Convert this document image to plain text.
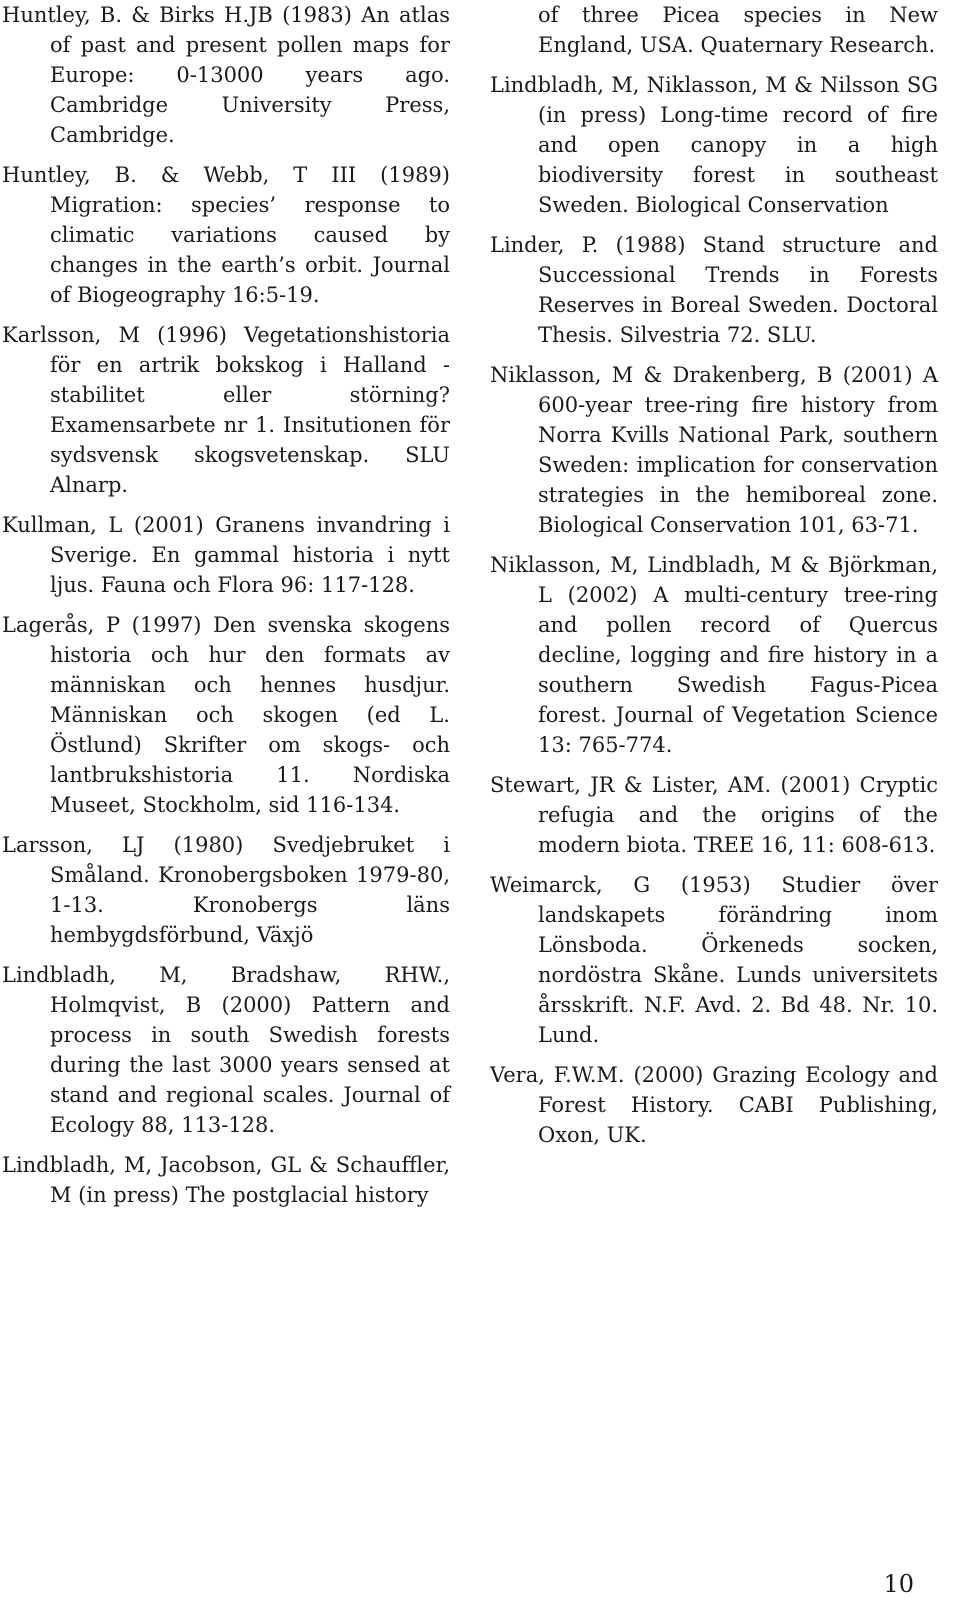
Huntley, B. & Birks H.JB (1983) An atlas of past and present pollen maps for Europe: 0-13000 years ago. Cambridge University Press, Cambridge.

Huntley, B. & Webb, T III (1989) Migration: species’ response to climatic variations caused by changes in the earth’s orbit. Journal of Biogeography 16:5-19.

Karlsson, M (1996) Vegetationshistoria för en artrik bokskog i Halland - stabilitet eller störning? Examensarbete nr 1. Insitutionen för sydsvensk skogsvetenskap. SLU Alnarp.

Kullman, L (2001) Granens invandring i Sverige. En gammal historia i nytt ljus. Fauna och Flora 96: 117-128.

Lagerås, P (1997) Den svenska skogens historia och hur den formats av människan och hennes husdjur. Människan och skogen (ed L. Östlund) Skrifter om skogs- och lantbrukshistoria 11. Nordiska Museet, Stockholm, sid 116-134.

Larsson, LJ (1980) Svedjebruket i Småland. Kronobergsboken 1979-80, 1-13. Kronobergs läns hembygdsförbund, Växjö

Lindbladh, M, Bradshaw, RHW., Holmqvist, B (2000) Pattern and process in south Swedish forests during the last 3000 years sensed at stand and regional scales. Journal of Ecology 88, 113-128.

Lindbladh, M, Jacobson, GL & Schauffler, M (in press) The postglacial history

of three Picea species in New England, USA. Quaternary Research.

Lindbladh, M, Niklasson, M & Nilsson SG (in press) Long-time record of fire and open canopy in a high biodiversity forest in southeast Sweden. Biological Conservation

Linder, P. (1988) Stand structure and Successional Trends in Forests Reserves in Boreal Sweden. Doctoral Thesis. Silvestria 72. SLU.

Niklasson, M & Drakenberg, B (2001) A 600-year tree-ring fire history from Norra Kvills National Park, southern Sweden: implication for conservation strategies in the hemiboreal zone. Biological Conservation 101, 63-71.

Niklasson, M, Lindbladh, M & Björkman, L (2002) A multi-century tree-ring and pollen record of Quercus decline, logging and fire history in a southern Swedish Fagus-Picea forest. Journal of Vegetation Science 13: 765-774.

Stewart, JR & Lister, AM. (2001) Cryptic refugia and the origins of the modern biota. TREE 16, 11: 608-613.

Weimarck, G (1953) Studier över landskapets förändring inom Lönsboda. Örkeneds socken, nordöstra Skåne. Lunds universitets årsskrift. N.F. Avd. 2. Bd 48. Nr. 10. Lund.

Vera, F.W.M. (2000) Grazing Ecology and Forest History. CABI Publishing, Oxon, UK.

10
